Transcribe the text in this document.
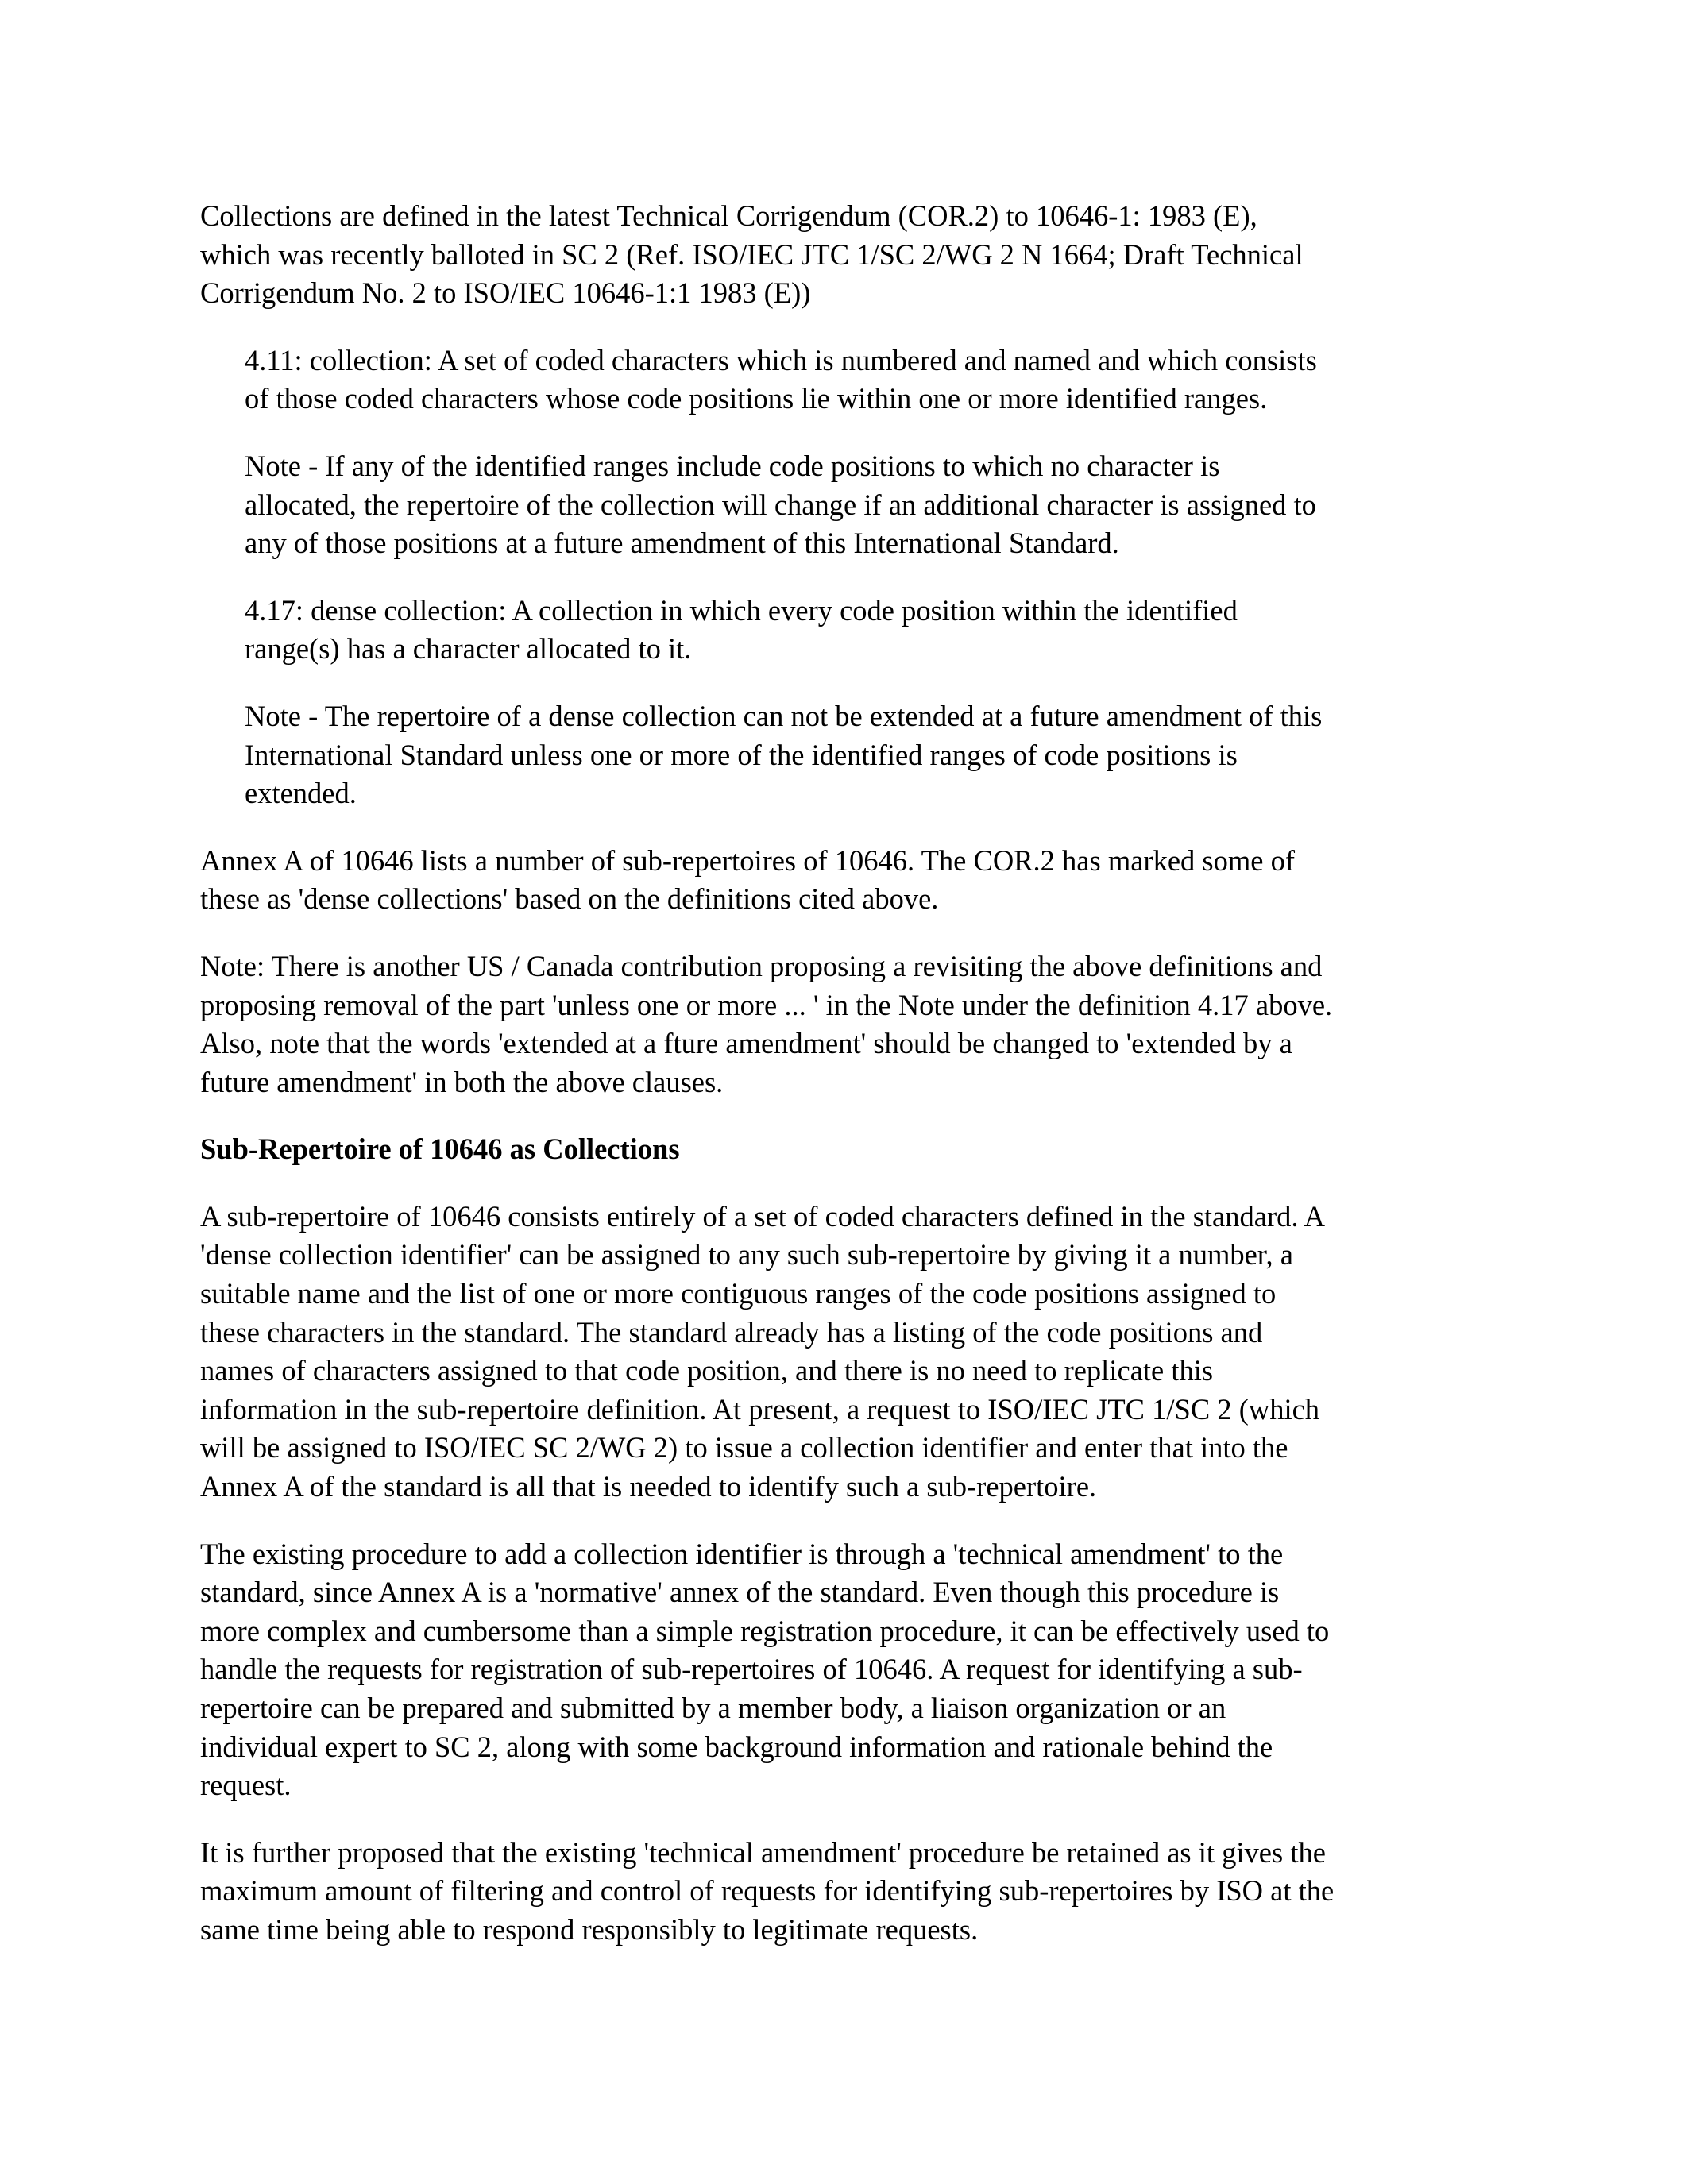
Collections are defined in the latest Technical Corrigendum (COR.2) to 10646-1: 1983 (E),
which was recently balloted in SC 2 (Ref. ISO/IEC JTC 1/SC 2/WG 2 N 1664; Draft Technical
Corrigendum No. 2 to ISO/IEC 10646-1:1 1983 (E))

4.11: collection: A set of coded characters which is numbered and named and which consists
of those coded characters whose code positions lie within one or more identified ranges.

Note - If any of the identified ranges include code positions to which no character is
allocated, the repertoire of the collection will change if an additional character is assigned to
any of those positions at a future amendment of this International Standard.

4.17: dense collection: A collection in which every code position within the identified
range(s) has a character allocated to it.

Note - The repertoire of a dense collection can not be extended at a future amendment of this
International Standard unless one or more of the identified ranges of code positions is
extended.

Annex A of 10646 lists a number of sub-repertoires of 10646. The COR.2 has marked some of
these as 'dense collections' based on the definitions cited above.

Note: There is another US / Canada contribution proposing a revisiting the above definitions and
proposing removal of the part 'unless one or more ... ' in the Note under the definition 4.17 above.
Also, note that the words 'extended at a fture amendment' should be changed to 'extended by a
future amendment' in both the above clauses.

Sub-Repertoire of 10646 as Collections

A sub-repertoire of 10646 consists entirely of a set of coded characters defined in the standard. A
'dense collection identifier' can be assigned to any such sub-repertoire by giving it a number, a
suitable name and the list of one or more contiguous ranges of the code positions assigned to
these characters in the standard. The standard already has a listing of the code positions and
names of characters assigned to that code position, and there is no need to replicate this
information in the sub-repertoire definition. At present, a request to ISO/IEC JTC 1/SC 2 (which
will be assigned to ISO/IEC SC 2/WG 2) to issue a collection identifier and enter that into the
Annex A of the standard is all that is needed to identify such a sub-repertoire.

The existing procedure to add a collection identifier is through a 'technical amendment' to the
standard, since Annex A is a 'normative' annex of the standard. Even though this procedure is
more complex and cumbersome than a simple registration procedure, it can be effectively used to
handle the requests for registration of sub-repertoires of 10646. A request for identifying a sub-
repertoire can be prepared and submitted by a member body, a liaison organization or an
individual expert to SC 2, along with some background information and rationale behind the
request.

It is further proposed that the existing 'technical amendment' procedure be retained as it gives the
maximum amount of filtering and control of requests for identifying sub-repertoires by ISO at the
same time being able to respond responsibly to legitimate requests.
